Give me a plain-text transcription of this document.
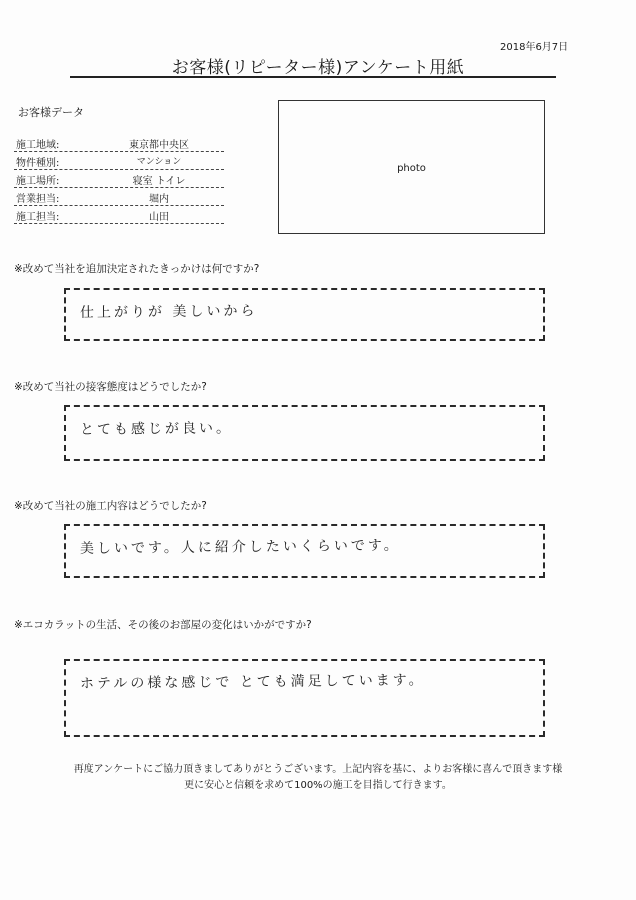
2018年6月7日
お客様(リピーター様)アンケート用紙
お客様データ
施工地域:	東京都中央区
物件種別:	マンション
施工場所:	寝室 トイレ
営業担当:	堀内
施工担当:	山田
photo
※改めて当社を追加決定されたきっかけは何ですか?
仕上がりが 美しいから
※改めて当社の接客態度はどうでしたか?
とても感じが良い。
※改めて当社の施工内容はどうでしたか?
美しいです。人に紹介したいくらいです。
※エコカラットの生活、その後のお部屋の変化はいかがですか?
ホテルの様な感じで とても満足しています。
再度アンケートにご協力頂きましてありがとうございます。上記内容を基に、よりお客様に喜んで頂きます様
更に安心と信頼を求めて100%の施工を目指して行きます。
